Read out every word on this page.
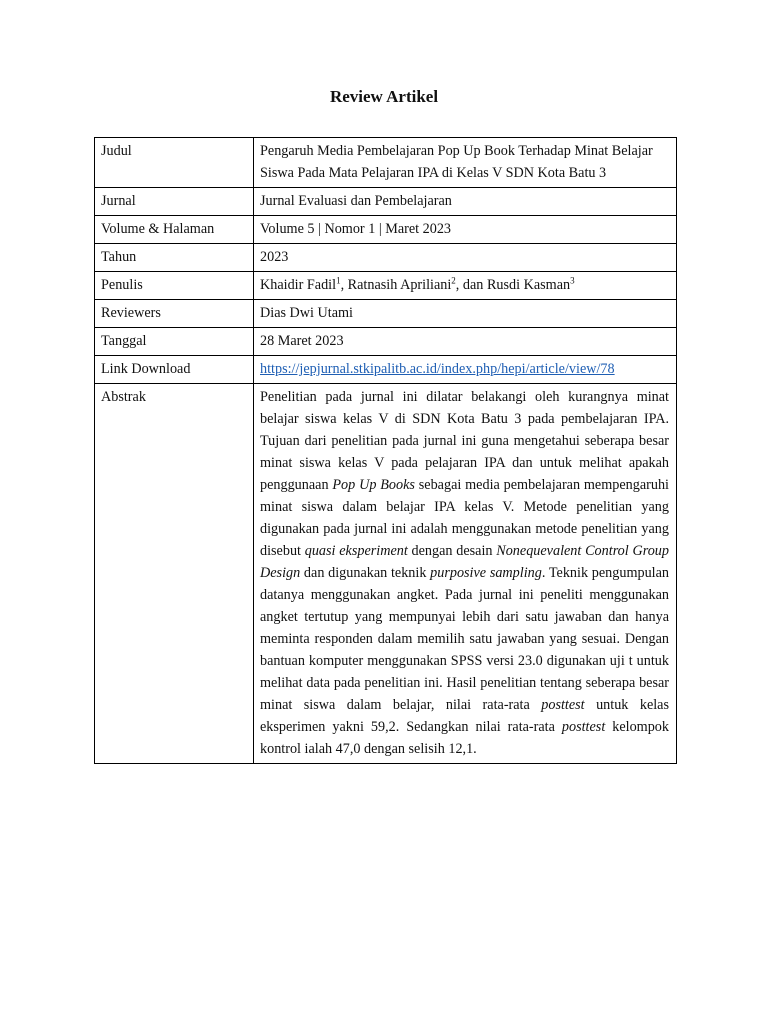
Review Artikel
Judul	Pengaruh Media Pembelajaran Pop Up Book Terhadap Minat Belajar Siswa Pada Mata Pelajaran IPA di Kelas V SDN Kota Batu 3
Jurnal	Jurnal Evaluasi dan Pembelajaran
Volume & Halaman	Volume 5 | Nomor 1 | Maret 2023
Tahun	2023
Penulis	Khaidir Fadil$^1$, Ratnasih Apriliani$^2$, dan Rusdi Kasman$^3$
Reviewers	Dias Dwi Utami
Tanggal	28 Maret 2023
Link Download	https://jepjurnal.stkipalitb.ac.id/index.php/hepi/article/view/78
Abstrak	Penelitian pada jurnal ini dilatar belakangi oleh kurangnya minat belajar siswa kelas V di SDN Kota Batu 3 pada pembelajaran IPA. Tujuan dari penelitian pada jurnal ini guna mengetahui seberapa besar minat siswa kelas V pada pelajaran IPA dan untuk melihat apakah penggunaan Pop Up Books sebagai media pembelajaran mempengaruhi minat siswa dalam belajar IPA kelas V. Metode penelitian yang digunakan pada jurnal ini adalah menggunakan metode penelitian yang disebut quasi eksperiment dengan desain Nonequevalent Control Group Design dan digunakan teknik purposive sampling. Teknik pengumpulan datanya menggunakan angket. Pada jurnal ini peneliti menggunakan angket tertutup yang mempunyai lebih dari satu jawaban dan hanya meminta responden dalam memilih satu jawaban yang sesuai. Dengan bantuan komputer menggunakan SPSS versi 23.0 digunakan uji t untuk melihat data pada penelitian ini. Hasil penelitian tentang seberapa besar minat siswa dalam belajar, nilai rata-rata posttest untuk kelas eksperimen yakni 59,2. Sedangkan nilai rata-rata posttest kelompok kontrol ialah 47,0 dengan selisih 12,1.
